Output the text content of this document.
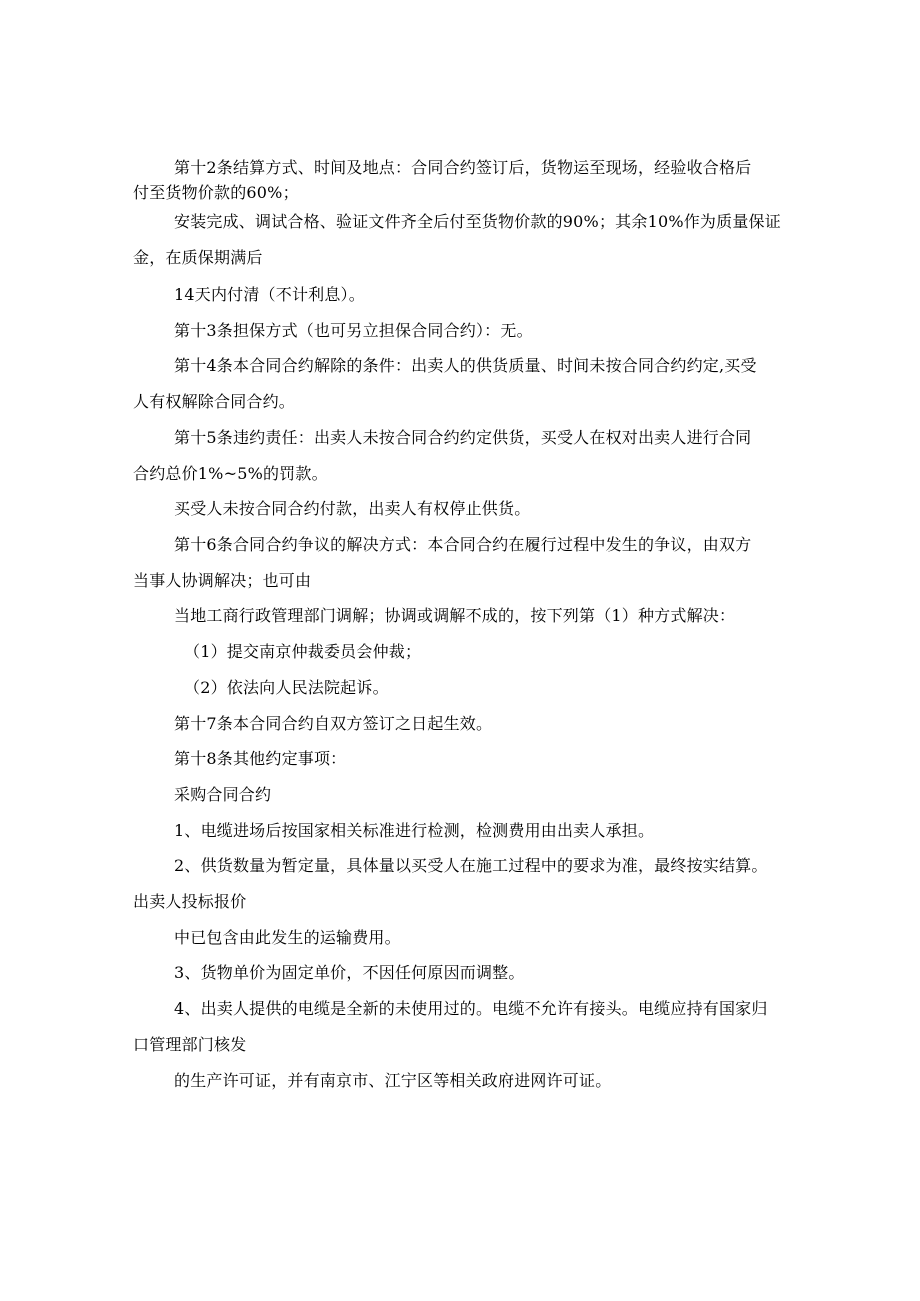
第十2条结算方式、时间及地点：合同合约签订后，货物运至现场，经验收合格后
付至货物价款的60%；
安装完成、调试合格、验证文件齐全后付至货物价款的90%；其余10%作为质量保证
金，在质保期满后
14天内付清（不计利息）。
第十3条担保方式（也可另立担保合同合约）：无。
第十4条本合同合约解除的条件：出卖人的供货质量、时间未按合同合约约定,买受
人有权解除合同合约。
第十5条违约责任：出卖人未按合同合约约定供货，买受人在权对出卖人进行合同
合约总价1%~5%的罚款。
买受人未按合同合约付款，出卖人有权停止供货。
第十6条合同合约争议的解决方式：本合同合约在履行过程中发生的争议，由双方
当事人协调解决；也可由
当地工商行政管理部门调解；协调或调解不成的，按下列第（1）种方式解决：
（1）提交南京仲裁委员会仲裁；
（2）依法向人民法院起诉。
第十7条本合同合约自双方签订之日起生效。
第十8条其他约定事项：
采购合同合约
1、电缆进场后按国家相关标准进行检测，检测费用由出卖人承担。
2、供货数量为暂定量，具体量以买受人在施工过程中的要求为准，最终按实结算。
出卖人投标报价
中已包含由此发生的运输费用。
3、货物单价为固定单价，不因任何原因而调整。
4、出卖人提供的电缆是全新的未使用过的。电缆不允许有接头。电缆应持有国家归
口管理部门核发
的生产许可证，并有南京市、江宁区等相关政府进网许可证。
